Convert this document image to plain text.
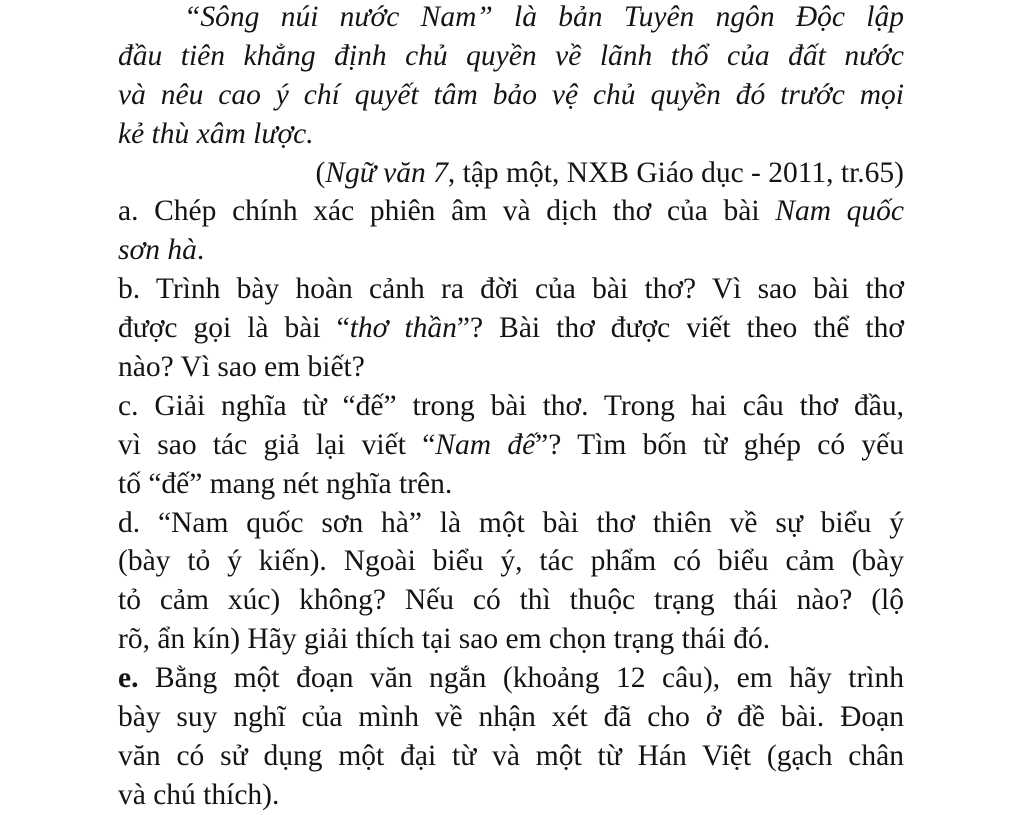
“Sông núi nước Nam” là bản Tuyên ngôn Độc lập
đầu tiên khẳng định chủ quyền về lãnh thổ của đất nước
và nêu cao ý chí quyết tâm bảo vệ chủ quyền đó trước mọi
kẻ thù xâm lược.
(Ngữ văn 7, tập một, NXB Giáo dục - 2011, tr.65)
a. Chép chính xác phiên âm và dịch thơ của bài Nam quốc
sơn hà.
b. Trình bày hoàn cảnh ra đời của bài thơ? Vì sao bài thơ
được gọi là bài “thơ thần”? Bài thơ được viết theo thể thơ
nào? Vì sao em biết?
c. Giải nghĩa từ “đế” trong bài thơ. Trong hai câu thơ đầu,
vì sao tác giả lại viết “Nam đế”? Tìm bốn từ ghép có yếu
tố “đế” mang nét nghĩa trên.
d. “Nam quốc sơn hà” là một bài thơ thiên về sự biểu ý
(bày tỏ ý kiến). Ngoài biểu ý, tác phẩm có biểu cảm (bày
tỏ cảm xúc) không? Nếu có thì thuộc trạng thái nào? (lộ
rõ, ẩn kín) Hãy giải thích tại sao em chọn trạng thái đó.
e. Bằng một đoạn văn ngắn (khoảng 12 câu), em hãy trình
bày suy nghĩ của mình về nhận xét đã cho ở đề bài. Đoạn
văn có sử dụng một đại từ và một từ Hán Việt (gạch chân
và chú thích).
